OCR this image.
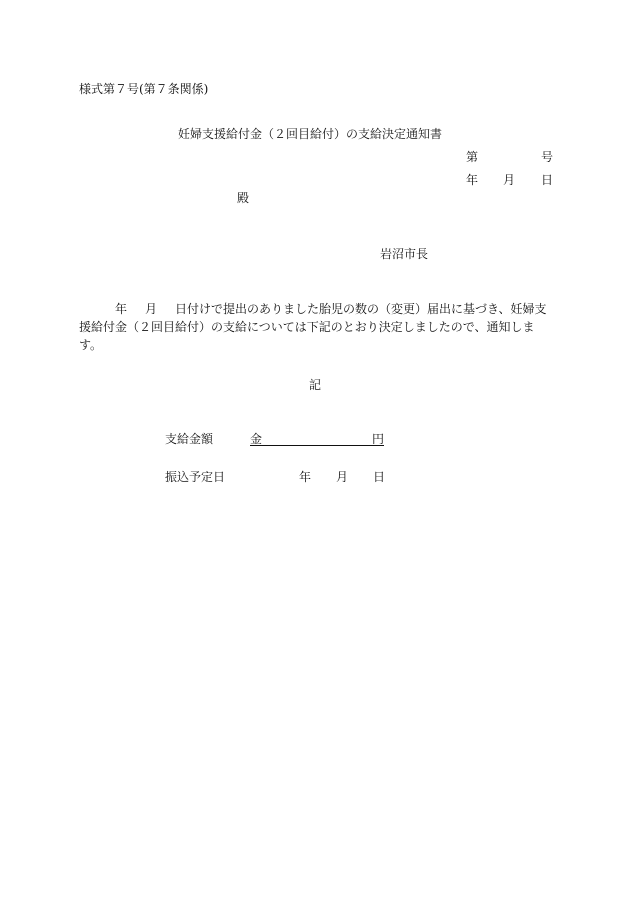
様式第７号(第７条関係)
妊婦支援給付金（２回目給付）の支給決定通知書
第	号
年 月 日
殿
岩沼市長
年 月 日付けで提出のありました胎児の数の（変更）届出に基づき、妊婦支援給付金（２回目給付）の支給については下記のとおり決定しましたので、通知します。
記
支給金額	金	円
振込予定日	年 月 日
